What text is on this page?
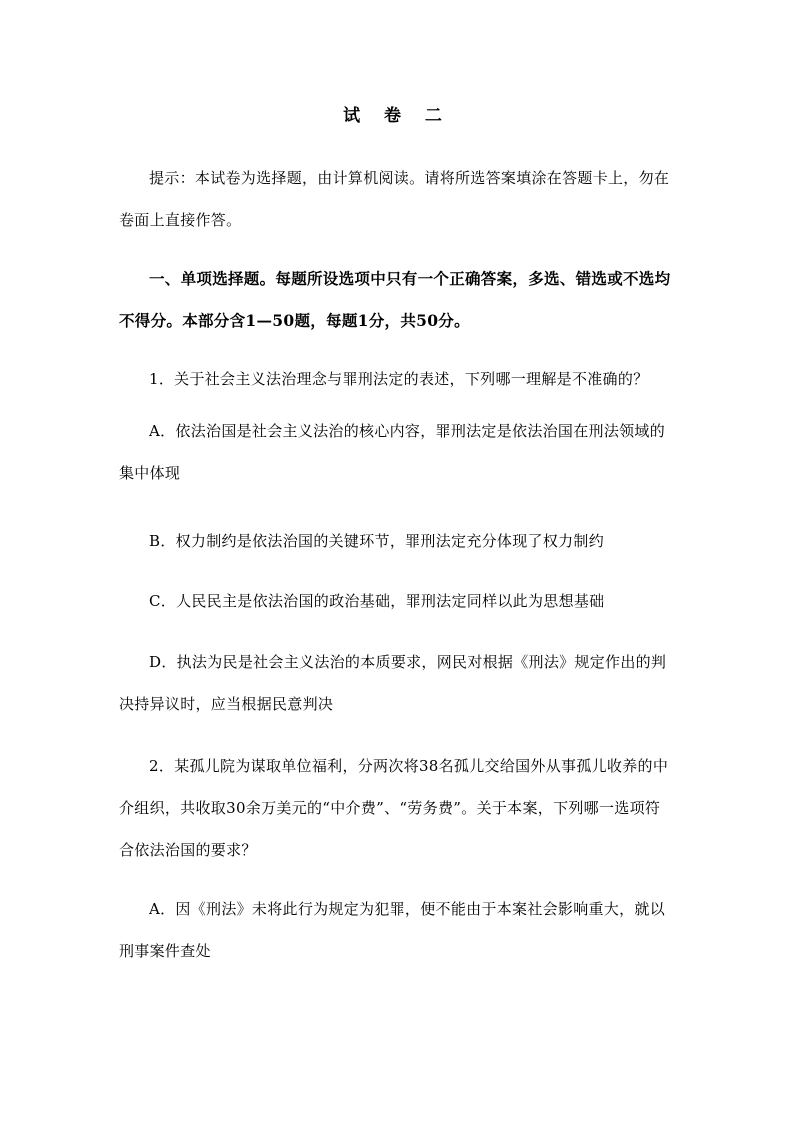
试 卷 二
提示：本试卷为选择题，由计算机阅读。请将所选答案填涂在答题卡上，勿在卷面上直接作答。
一、单项选择题。每题所设选项中只有一个正确答案，多选、错选或不选均不得分。本部分含1—50题，每题1分，共50分。
1．关于社会主义法治理念与罪刑法定的表述，下列哪一理解是不准确的？
A．依法治国是社会主义法治的核心内容，罪刑法定是依法治国在刑法领域的集中体现
B．权力制约是依法治国的关键环节，罪刑法定充分体现了权力制约
C．人民民主是依法治国的政治基础，罪刑法定同样以此为思想基础
D．执法为民是社会主义法治的本质要求，网民对根据《刑法》规定作出的判决持异议时，应当根据民意判决
2．某孤儿院为谋取单位福利，分两次将38名孤儿交给国外从事孤儿收养的中介组织，共收取30余万美元的“中介费”、“劳务费”。关于本案，下列哪一选项符合依法治国的要求？
A．因《刑法》未将此行为规定为犯罪，便不能由于本案社会影响重大，就以刑事案件查处
